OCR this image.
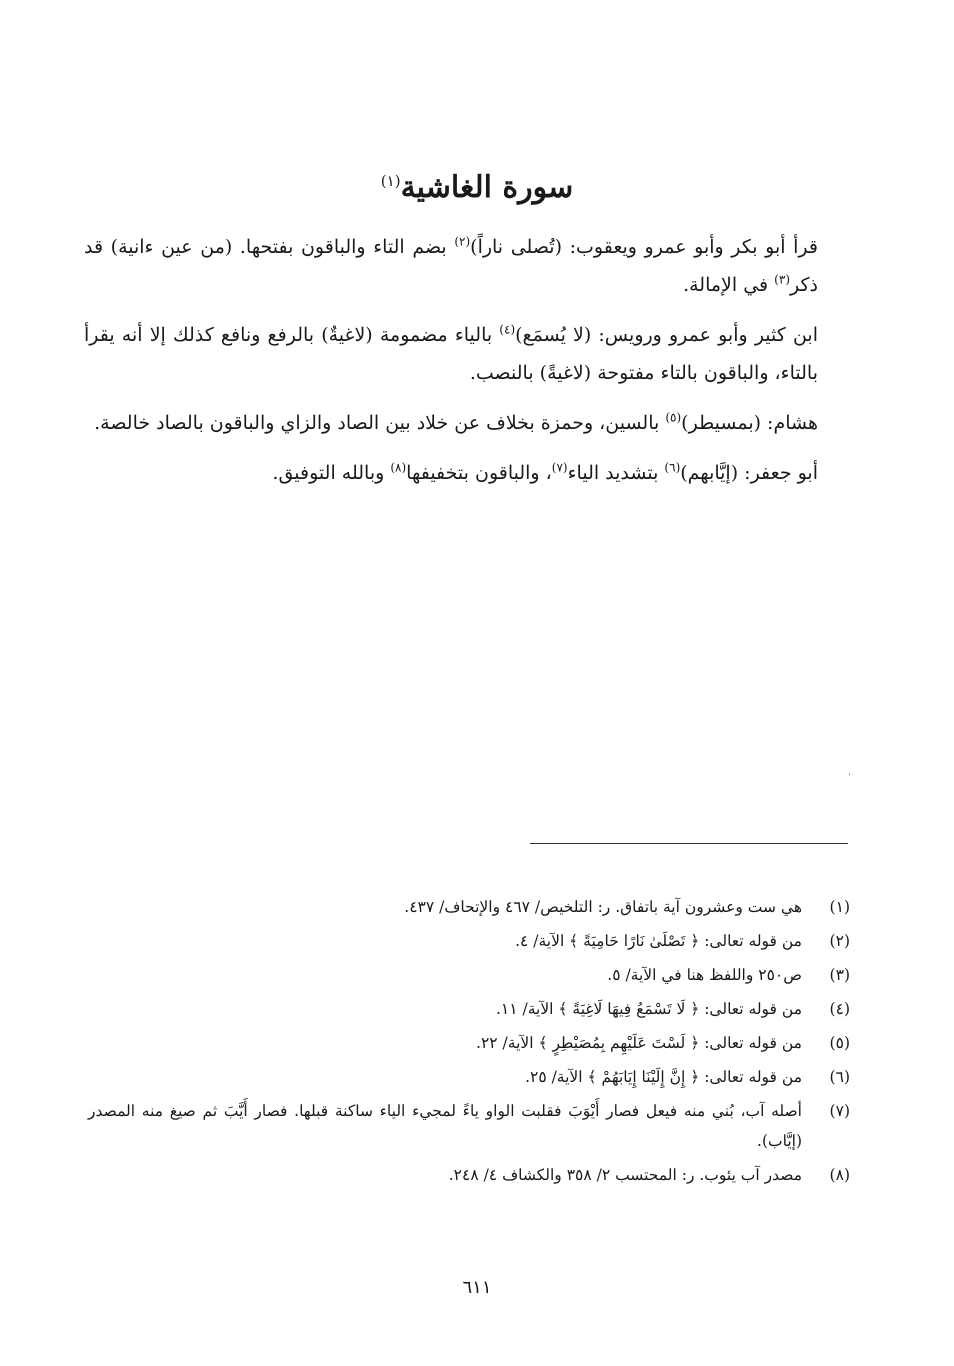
سورة الغاشية$^{(١)}$

قرأ أبو بكر وأبو عمرو ويعقوب: (تُصلى ناراً)$^{(٢)}$ بضم التاء والباقون بفتحها. (من عين ءانية) قد ذكر$^{(٣)}$ في الإمالة.

ابن كثير وأبو عمرو ورويس: (لا يُسمَع)$^{(٤)}$ بالياء مضمومة (لاغيةٌ) بالرفع ونافع كذلك إلا أنه يقرأ بالتاء، والباقون بالتاء مفتوحة (لاغيةً) بالنصب.

هشام: (بمسيطر)$^{(٥)}$ بالسين، وحمزة بخلاف عن خلاد بين الصاد والزاي والباقون بالصاد خالصة.

أبو جعفر: (إيَّابهم)$^{(٦)}$ بتشديد الياء$^{(٧)}$، والباقون بتخفيفها$^{(٨)}$ وبالله التوفيق.

(١)
هي ست وعشرون آية باتفاق. ر: التلخيص/ ٤٦٧ والإتحاف/ ٤٣٧.
(٢)
من قوله تعالى: ﴿ تَصْلَىٰ نَارًا حَامِيَةً ﴾ الآية/ ٤.
(٣)
ص٢٥٠ واللفظ هنا في الآية/ ٥.
(٤)
من قوله تعالى: ﴿ لَا تَسْمَعُ فِيهَا لَاغِيَةً ﴾ الآية/ ١١.
(٥)
من قوله تعالى: ﴿ لَسْتَ عَلَيْهِم بِمُصَيْطِرٍ ﴾ الآية/ ٢٢.
(٦)
من قوله تعالى: ﴿ إِنَّ إِلَيْنَا إِيَابَهُمْ ﴾ الآية/ ٢٥.
(٧)
أصله آب، بُني منه فيعل فصار أَيْوَبَ فقلبت الواو ياءً لمجيء الياء ساكنة قبلها. فصار أَيَّبَ ثم صيغ منه المصدر (إيَّاب).
(٨)
مصدر آب يئوب. ر: المحتسب ٢/ ٣٥٨ والكشاف ٤/ ٢٤٨.
٦١١
